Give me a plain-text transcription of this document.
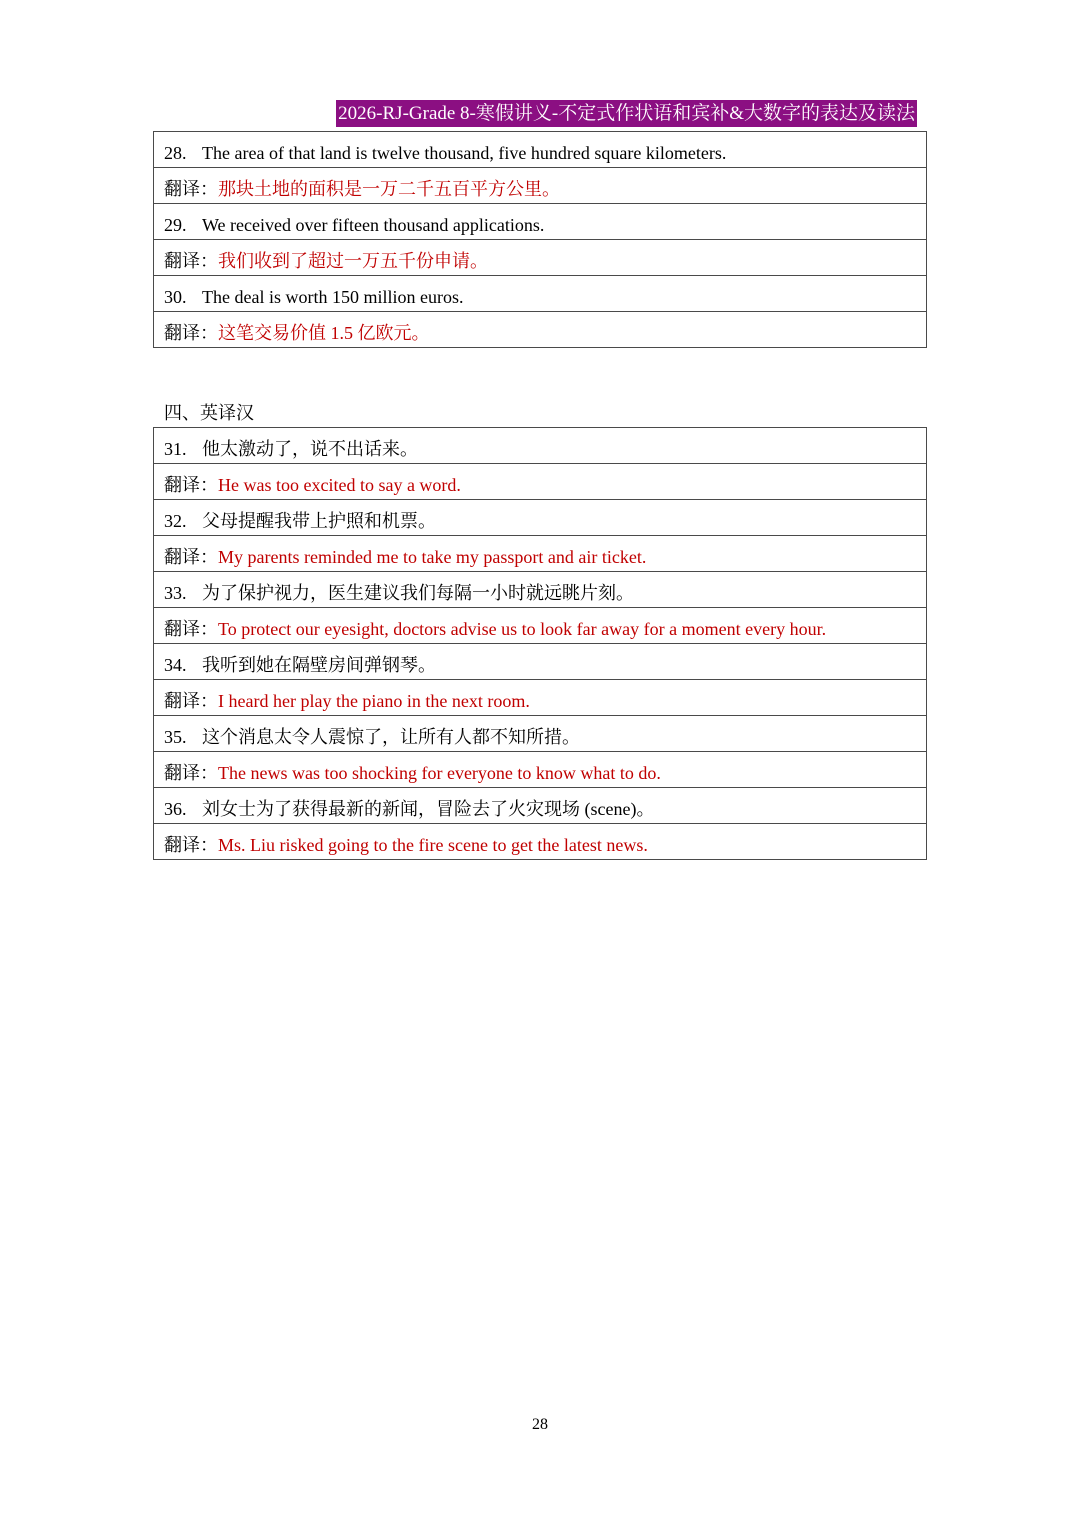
2026-RJ-Grade 8-寒假讲义-不定式作状语和宾补&大数字的表达及读法
28. The area of that land is twelve thousand, five hundred square kilometers.
翻译：那块土地的面积是一万二千五百平方公里。
29. We received over fifteen thousand applications.
翻译：我们收到了超过一万五千份申请。
30. The deal is worth 150 million euros.
翻译：这笔交易价值 1.5 亿欧元。
四、英译汉
31. 他太激动了，说不出话来。
翻译：He was too excited to say a word.
32. 父母提醒我带上护照和机票。
翻译：My parents reminded me to take my passport and air ticket.
33. 为了保护视力，医生建议我们每隔一小时就远眺片刻。
翻译：To protect our eyesight, doctors advise us to look far away for a moment every hour.
34. 我听到她在隔壁房间弹钢琴。
翻译：I heard her play the piano in the next room.
35. 这个消息太令人震惊了，让所有人都不知所措。
翻译：The news was too shocking for everyone to know what to do.
36. 刘女士为了获得最新的新闻，冒险去了火灾现场 (scene)。
翻译：Ms. Liu risked going to the fire scene to get the latest news.
28
